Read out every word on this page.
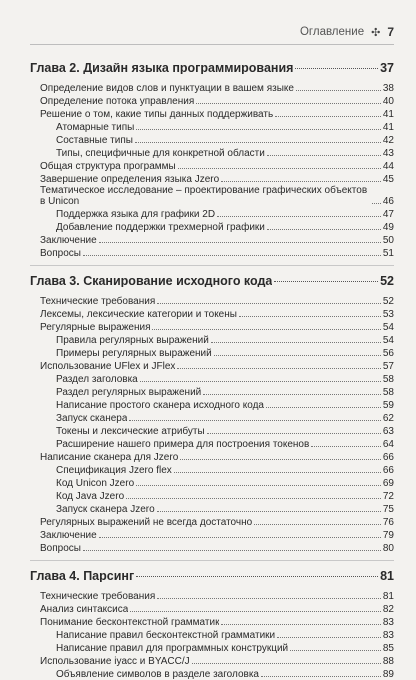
Оглавление ✣ 7
Глава 2. Дизайн языка программирования	37
Определение видов слов и пунктуации в вашем языке	38
Определение потока управления	40
Решение о том, какие типы данных поддерживать	41
Атомарные типы	41
Составные типы	42
Типы, специфичные для конкретной области	43
Общая структура программы	44
Завершение определения языка Jzero	45
Тематическое исследование – проектирование графических объектов в Unicon	46
Поддержка языка для графики 2D	47
Добавление поддержки трехмерной графики	49
Заключение	50
Вопросы	51
Глава 3. Сканирование исходного кода	52
Технические требования	52
Лексемы, лексические категории и токены	53
Регулярные выражения	54
Правила регулярных выражений	54
Примеры регулярных выражений	56
Использование UFlex и JFlex	57
Раздел заголовка	58
Раздел регулярных выражений	58
Написание простого сканера исходного кода	59
Запуск сканера	62
Токены и лексические атрибуты	63
Расширение нашего примера для построения токенов	64
Написание сканера для Jzero	66
Спецификация Jzero flex	66
Код Unicon Jzero	69
Код Java Jzero	72
Запуск сканера Jzero	75
Регулярных выражений не всегда достаточно	76
Заключение	79
Вопросы	80
Глава 4. Парсинг	81
Технические требования	81
Анализ синтаксиса	82
Понимание бесконтекстной грамматик	83
Написание правил бесконтекстной грамматики	83
Написание правил для программных конструкций	85
Использование iyacc и BYACC/J	88
Объявление символов в разделе заголовка	89
